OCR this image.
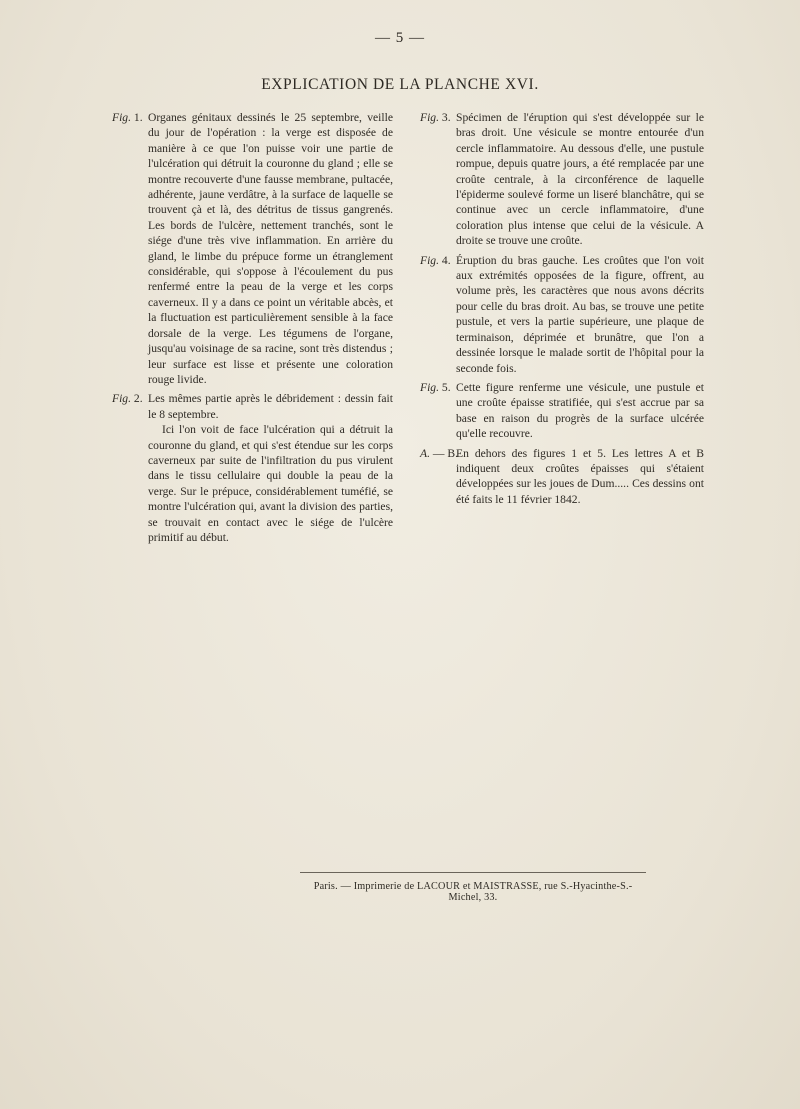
— 5 —
EXPLICATION DE LA PLANCHE XVI.
Fig. 1. Organes génitaux dessinés le 25 septembre, veille du jour de l'opération : la verge est disposée de manière à ce que l'on puisse voir une partie de l'ulcération qui détruit la couronne du gland ; elle se montre recouverte d'une fausse membrane, pultacée, adhérente, jaune verdâtre, à la surface de laquelle se trouvent çà et là, des détritus de tissus gangrenés. Les bords de l'ulcère, nettement tranchés, sont le siége d'une très vive inflammation. En arrière du gland, le limbe du prépuce forme un étranglement considérable, qui s'oppose à l'écoulement du pus renfermé entre la peau de la verge et les corps caverneux. Il y a dans ce point un véritable abcès, et la fluctuation est particulièrement sensible à la face dorsale de la verge. Les tégumens de l'organe, jusqu'au voisinage de sa racine, sont très distendus ; leur surface est lisse et présente une coloration rouge livide.

Fig. 2. Les mêmes partie après le débridement : dessin fait le 8 septembre.

Ici l'on voit de face l'ulcération qui a détruit la couronne du gland, et qui s'est étendue sur les corps caverneux par suite de l'infiltration du pus virulent dans le tissu cellulaire qui double la peau de la verge. Sur le prépuce, considérablement tuméfié, se montre l'ulcération qui, avant la division des parties, se trouvait en contact avec le siége de l'ulcère primitif au début.

Fig. 3. Spécimen de l'éruption qui s'est développée sur le bras droit. Une vésicule se montre entourée d'un cercle inflammatoire. Au dessous d'elle, une pustule rompue, depuis quatre jours, a été remplacée par une croûte centrale, à la circonférence de laquelle l'épiderme soulevé forme un liseré blanchâtre, qui se continue avec un cercle inflammatoire, d'une coloration plus intense que celui de la vésicule. A droite se trouve une croûte.

Fig. 4. Éruption du bras gauche. Les croûtes que l'on voit aux extrémités opposées de la figure, offrent, au volume près, les caractères que nous avons décrits pour celle du bras droit. Au bas, se trouve une petite pustule, et vers la partie supérieure, une plaque de terminaison, déprimée et brunâtre, que l'on a dessinée lorsque le malade sortit de l'hôpital pour la seconde fois.

Fig. 5. Cette figure renferme une vésicule, une pustule et une croûte épaisse stratifiée, qui s'est accrue par sa base en raison du progrès de la surface ulcérée qu'elle recouvre.

A. — B.

En dehors des figures 1 et 5. Les lettres A et B indiquent deux croûtes épaisses qui s'étaient développées sur les joues de Dum..... Ces dessins ont été faits le 11 février 1842.

Paris. — Imprimerie de LACOUR et MAISTRASSE, rue S.-Hyacinthe-S.-Michel, 33.
